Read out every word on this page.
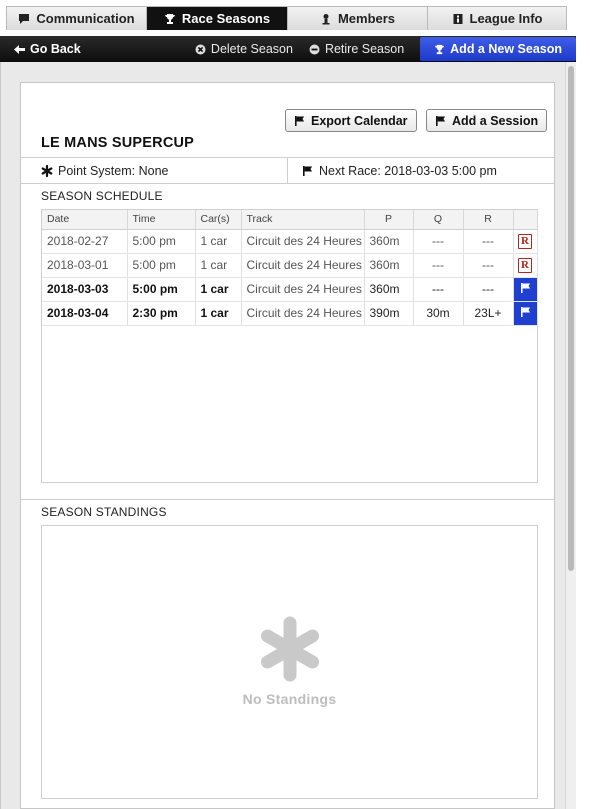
Communication	Race Seasons	Members	League Info
Go Back	Delete Season	Retire Season	Add a New Season
Export Calendar	Add a Session
LE MANS SUPERCUP
Point System: None	Next Race: 2018-03-03 5:00 pm
SEASON SCHEDULE
Date	Time	Car(s)	Track	P	Q	R	
2018-02-27	5:00 pm	1 car	Circuit des 24 Heures	360m	---	---	R
2018-03-01	5:00 pm	1 car	Circuit des 24 Heures	360m	---	---	R
2018-03-03	5:00 pm	1 car	Circuit des 24 Heures	360m	---	---	
2018-03-04	2:30 pm	1 car	Circuit des 24 Heures	390m	30m	23L+	
SEASON STANDINGS
No Standings
